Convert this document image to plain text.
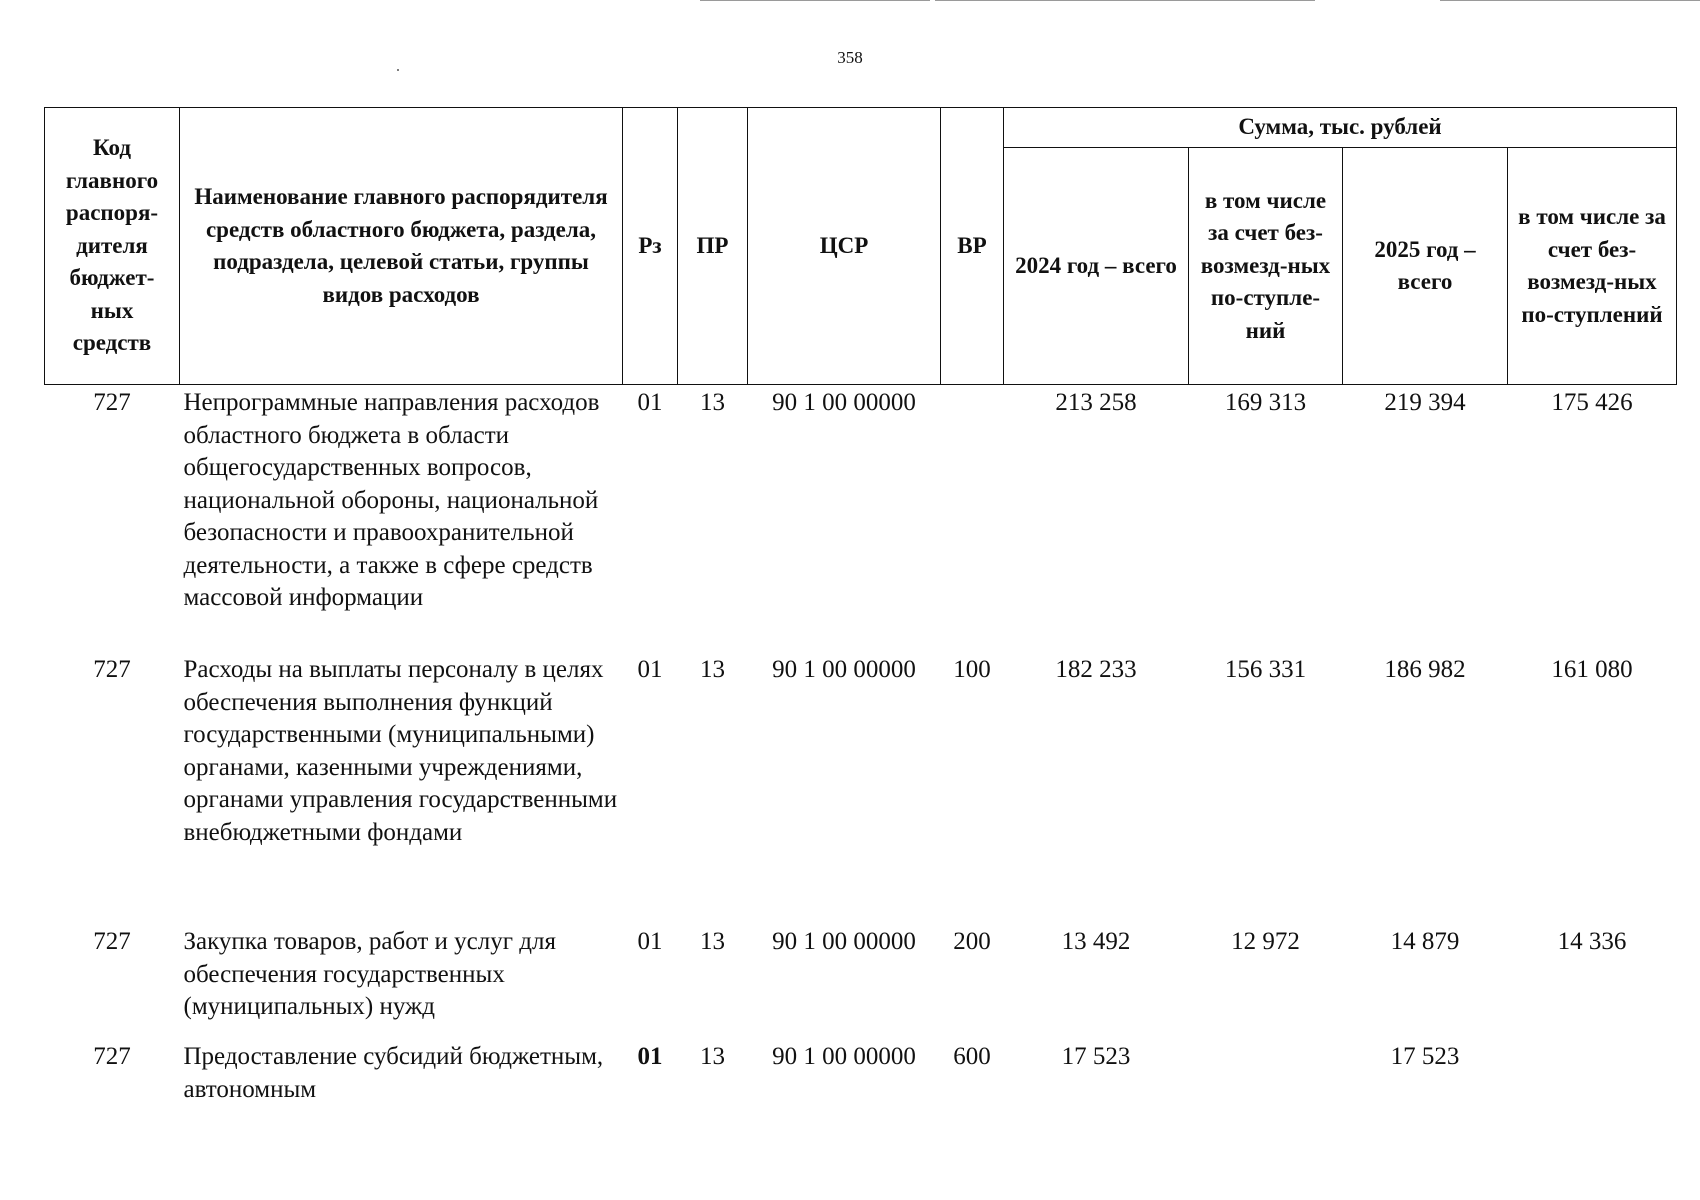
358
Код главного распоря-дителя бюджет-ных средств	Наименование главного распорядителя средств областного бюджета, раздела, подраздела, целевой статьи, группы видов расходов	Рз	ПР	ЦСР	ВР	Сумма, тыс. рублей			
						2024 год – всего	в том числе за счет без-возмезд-ных по-ступле-ний	2025 год – всего	в том числе за счет без-возмезд-ных по-ступлений
727	Непрограммные направления расходов областного бюджета в области общегосударственных вопросов, национальной обороны, национальной безопасности и правоохранительной деятельности, а также в сфере средств массовой информации	01	13	90 1 00 00000		213 258	169 313	219 394	175 426
727	Расходы на выплаты персоналу в целях обеспечения выполнения функций государственными (муниципальными) органами, казенными учреждениями, органами управления государственными внебюджетными фондами	01	13	90 1 00 00000	100	182 233	156 331	186 982	161 080
727	Закупка товаров, работ и услуг для обеспечения государственных (муниципальных) нужд	01	13	90 1 00 00000	200	13 492	12 972	14 879	14 336
727	Предоставление субсидий бюджетным, автономным	01	13	90 1 00 00000	600	17 523		17 523	
